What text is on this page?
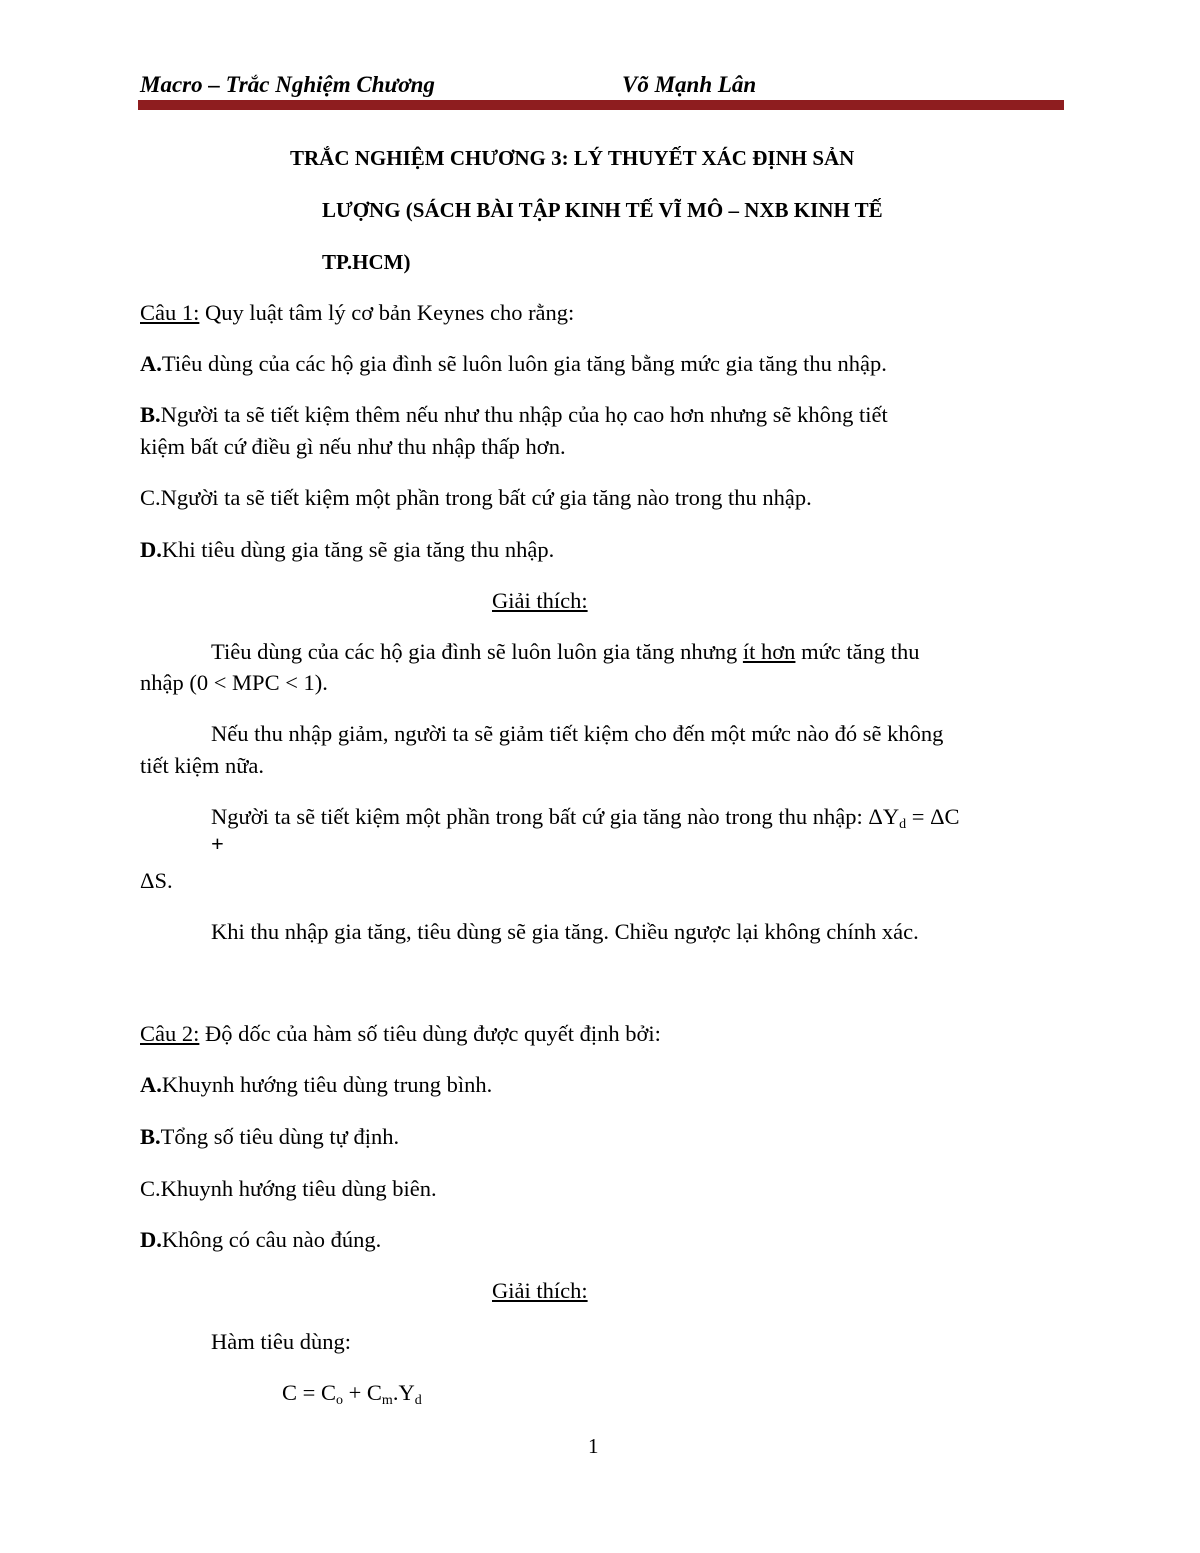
Macro – Trắc Nghiệm Chương	Võ Mạnh Lân
TRẮC NGHIỆM CHƯƠNG 3: LÝ THUYẾT XÁC ĐỊNH SẢN
LƯỢNG (SÁCH BÀI TẬP KINH TẾ VĨ MÔ – NXB KINH TẾ
TP.HCM)
Câu 1: Quy luật tâm lý cơ bản Keynes cho rằng:
A.Tiêu dùng của các hộ gia đình sẽ luôn luôn gia tăng bằng mức gia tăng thu nhập.
B.Người ta sẽ tiết kiệm thêm nếu như thu nhập của họ cao hơn nhưng sẽ không tiết
kiệm bất cứ điều gì nếu như thu nhập thấp hơn.
C.Người ta sẽ tiết kiệm một phần trong bất cứ gia tăng nào trong thu nhập.
D.Khi tiêu dùng gia tăng sẽ gia tăng thu nhập.
Giải thích:
Tiêu dùng của các hộ gia đình sẽ luôn luôn gia tăng nhưng ít hơn mức tăng thu
nhập (0 < MPC < 1).
Nếu thu nhập giảm, người ta sẽ giảm tiết kiệm cho đến một mức nào đó sẽ không
tiết kiệm nữa.
Người ta sẽ tiết kiệm một phần trong bất cứ gia tăng nào trong thu nhập: $\Delta Y_d = \Delta C$
+
ΔS.
Khi thu nhập gia tăng, tiêu dùng sẽ gia tăng. Chiều ngược lại không chính xác.
Câu 2: Độ dốc của hàm số tiêu dùng được quyết định bởi:
A.Khuynh hướng tiêu dùng trung bình.
B.Tổng số tiêu dùng tự định.
C.Khuynh hướng tiêu dùng biên.
D.Không có câu nào đúng.
Giải thích:
Hàm tiêu dùng:
$C = C_o + C_m.Y_d$
1
